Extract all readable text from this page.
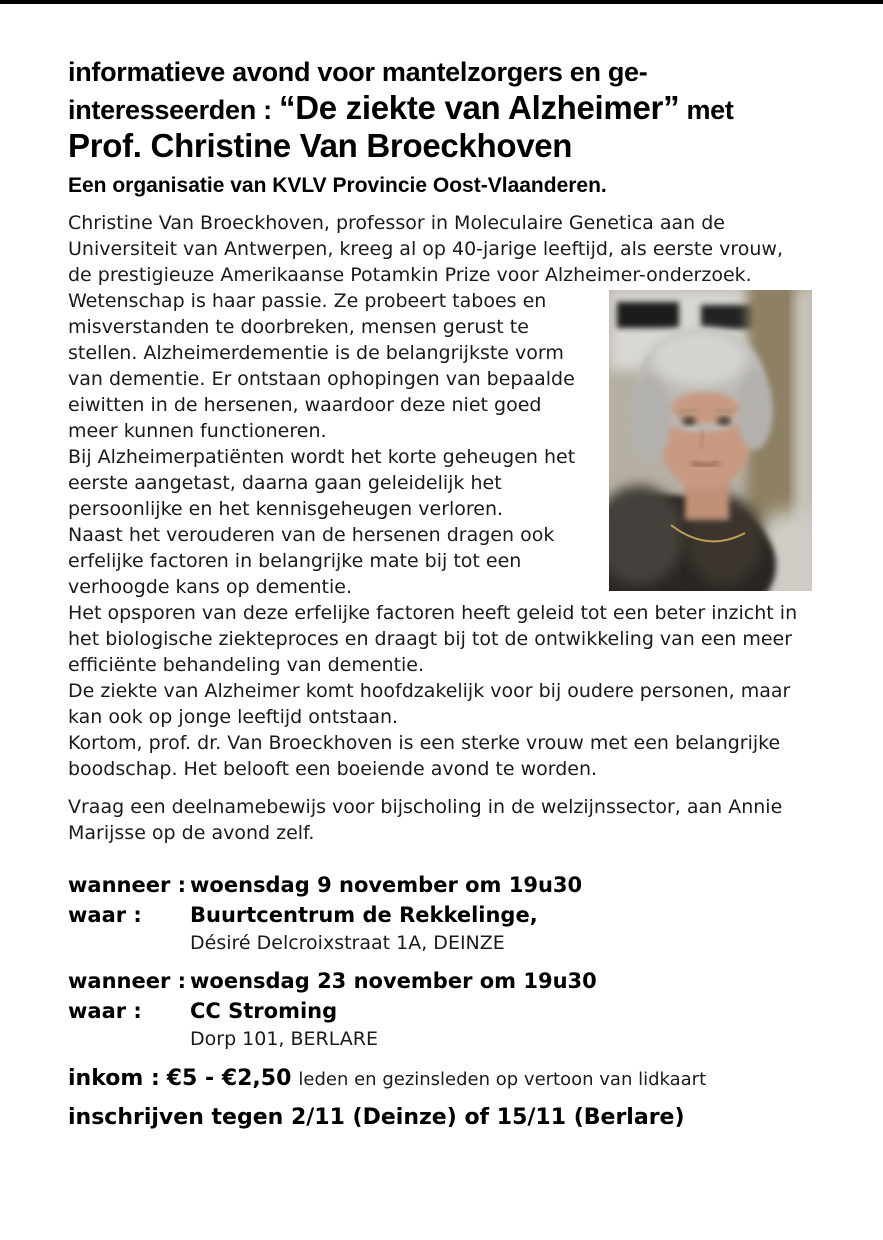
informatieve avond voor mantelzorgers en ge-
interesseerden : “De ziekte van Alzheimer” met
Prof. Christine Van Broeckhoven
Een organisatie van KVLV Provincie Oost-Vlaanderen.
Christine Van Broeckhoven, professor in Moleculaire Genetica aan de Universiteit van Antwerpen, kreeg al op 40-jarige leeftijd, als eerste vrouw, de prestigieuze Amerikaanse Potamkin Prize voor Alzheimer-onderzoek.
Wetenschap is haar passie. Ze probeert taboes en misverstanden te doorbreken, mensen gerust te stellen. Alzheimerdementie is de belangrijkste vorm van dementie. Er ontstaan ophopingen van bepaalde eiwitten in de hersenen, waardoor deze niet goed meer kunnen functioneren.
Bij Alzheimerpatiënten wordt het korte geheugen het eerste aangetast, daarna gaan geleidelijk het persoonlijke en het kennisgeheugen verloren.
Naast het verouderen van de hersenen dragen ook erfelijke factoren in belangrijke mate bij tot een verhoogde kans op dementie.
Het opsporen van deze erfelijke factoren heeft geleid tot een beter inzicht in het biologische ziekteproces en draagt bij tot de ontwikkeling van een meer efficiënte behandeling van dementie.
De ziekte van Alzheimer komt hoofdzakelijk voor bij oudere personen, maar kan ook op jonge leeftijd ontstaan.
Kortom, prof. dr. Van Broeckhoven is een sterke vrouw met een belangrijke boodschap. Het belooft een boeiende avond te worden.
Vraag een deelnamebewijs voor bijscholing in de welzijnssector, aan Annie Marijsse op de avond zelf.
wanneer : woensdag 9 november om 19u30
waar : Buurtcentrum de Rekkelinge,
Désiré Delcroixstraat 1A, DEINZE
wanneer : woensdag 23 november om 19u30
waar : CC Stroming
Dorp 101, BERLARE
inkom : €5 - €2,50 leden en gezinsleden op vertoon van lidkaart
inschrijven tegen 2/11 (Deinze) of 15/11 (Berlare)
